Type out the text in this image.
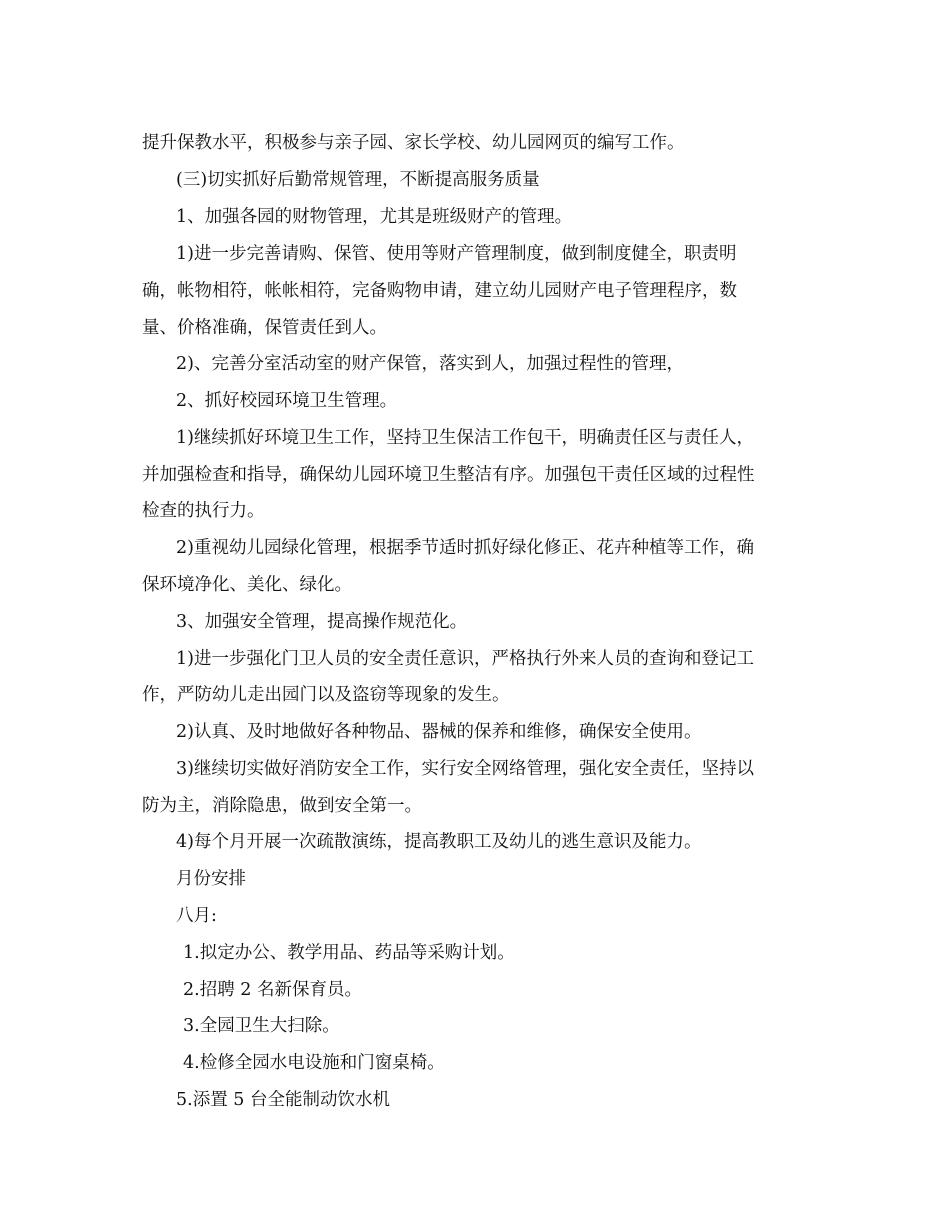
提升保教水平，积极参与亲子园、家长学校、幼儿园网页的编写工作。
(三)切实抓好后勤常规管理，不断提高服务质量
1、加强各园的财物管理，尤其是班级财产的管理。
1)进一步完善请购、保管、使用等财产管理制度，做到制度健全，职责明
确，帐物相符，帐帐相符，完备购物申请，建立幼儿园财产电子管理程序，数
量、价格准确，保管责任到人。
2)、完善分室活动室的财产保管，落实到人，加强过程性的管理，
2、抓好校园环境卫生管理。
1)继续抓好环境卫生工作，坚持卫生保洁工作包干，明确责任区与责任人，
并加强检查和指导，确保幼儿园环境卫生整洁有序。加强包干责任区域的过程性
检查的执行力。
2)重视幼儿园绿化管理，根据季节适时抓好绿化修正、花卉种植等工作，确
保环境净化、美化、绿化。
3、加强安全管理，提高操作规范化。
1)进一步强化门卫人员的安全责任意识，严格执行外来人员的查询和登记工
作，严防幼儿走出园门以及盗窃等现象的发生。
2)认真、及时地做好各种物品、器械的保养和维修，确保安全使用。
3)继续切实做好消防安全工作，实行安全网络管理，强化安全责任，坚持以
防为主，消除隐患，做到安全第一。
4)每个月开展一次疏散演练，提高教职工及幼儿的逃生意识及能力。
月份安排
八月:
1.拟定办公、教学用品、药品等采购计划。
2.招聘 2 名新保育员。
3.全园卫生大扫除。
4.检修全园水电设施和门窗桌椅。
5.添置 5 台全能制动饮水机
